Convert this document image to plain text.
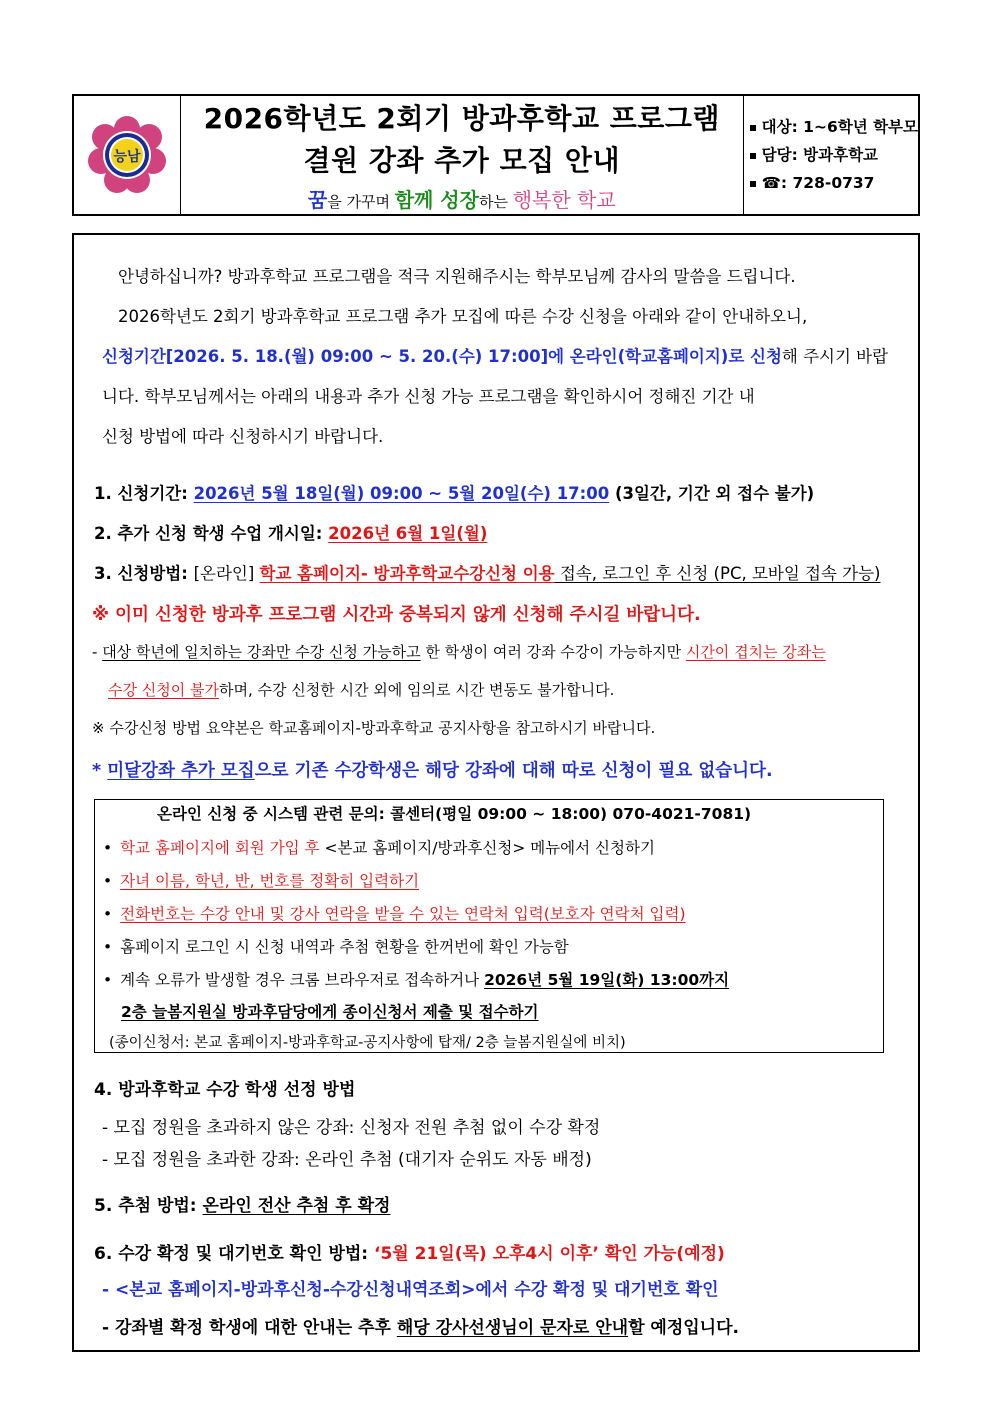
능남
2026학년도 2회기 방과후학교 프로그램
결원 강좌 추가 모집 안내
꿈을 가꾸며 함께 성장하는 행복한 학교
대상: 1~6학년 학부모
담당: 방과후학교
☎: 728-0737
안녕하십니까? 방과후학교 프로그램을 적극 지원해주시는 학부모님께 감사의 말씀을 드립니다.
2026학년도 2회기 방과후학교 프로그램 추가 모집에 따른 수강 신청을 아래와 같이 안내하오니,
신청기간[2026. 5. 18.(월) 09:00 ~ 5. 20.(수) 17:00]에 온라인(학교홈페이지)로 신청해 주시기 바랍
니다. 학부모님께서는 아래의 내용과 추가 신청 가능 프로그램을 확인하시어 정해진 기간 내
신청 방법에 따라 신청하시기 바랍니다.
1. 신청기간: 2026년 5월 18일(월) 09:00 ~ 5월 20일(수) 17:00 (3일간, 기간 외 접수 불가)
2. 추가 신청 학생 수업 개시일: 2026년 6월 1일(월)
3. 신청방법: [온라인] 학교 홈페이지- 방과후학교수강신청 이용 접속, 로그인 후 신청 (PC, 모바일 접속 가능)
※ 이미 신청한 방과후 프로그램 시간과 중복되지 않게 신청해 주시길 바랍니다.
- 대상 학년에 일치하는 강좌만 수강 신청 가능하고 한 학생이 여러 강좌 수강이 가능하지만 시간이 겹치는 강좌는
수강 신청이 불가하며, 수강 신청한 시간 외에 임의로 시간 변동도 불가합니다.
※ 수강신청 방법 요약본은 학교홈페이지-방과후학교 공지사항을 참고하시기 바랍니다.
* 미달강좌 추가 모집으로 기존 수강학생은 해당 강좌에 대해 따로 신청이 필요 없습니다.
온라인 신청 중 시스템 관련 문의: 콜센터(평일 09:00 ~ 18:00) 070-4021-7081)
• 학교 홈페이지에 회원 가입 후 <본교 홈페이지/방과후신청> 메뉴에서 신청하기
• 자녀 이름, 학년, 반, 번호를 정확히 입력하기
• 전화번호는 수강 안내 및 강사 연락을 받을 수 있는 연락처 입력(보호자 연락처 입력)
• 홈페이지 로그인 시 신청 내역과 추첨 현황을 한꺼번에 확인 가능함
• 계속 오류가 발생할 경우 크롬 브라우저로 접속하거나 2026년 5월 19일(화) 13:00까지
2층 늘봄지원실 방과후담당에게 종이신청서 제출 및 접수하기
(종이신청서: 본교 홈페이지-방과후학교-공지사항에 탑재/ 2층 늘봄지원실에 비치)
4. 방과후학교 수강 학생 선정 방법
- 모집 정원을 초과하지 않은 강좌: 신청자 전원 추첨 없이 수강 확정
- 모집 정원을 초과한 강좌: 온라인 추첨 (대기자 순위도 자동 배정)
5. 추첨 방법: 온라인 전산 추첨 후 확정
6. 수강 확정 및 대기번호 확인 방법: ‘5월 21일(목) 오후4시 이후’ 확인 가능(예정)
- <본교 홈페이지-방과후신청-수강신청내역조회>에서 수강 확정 및 대기번호 확인
- 강좌별 확정 학생에 대한 안내는 추후 해당 강사선생님이 문자로 안내할 예정입니다.
